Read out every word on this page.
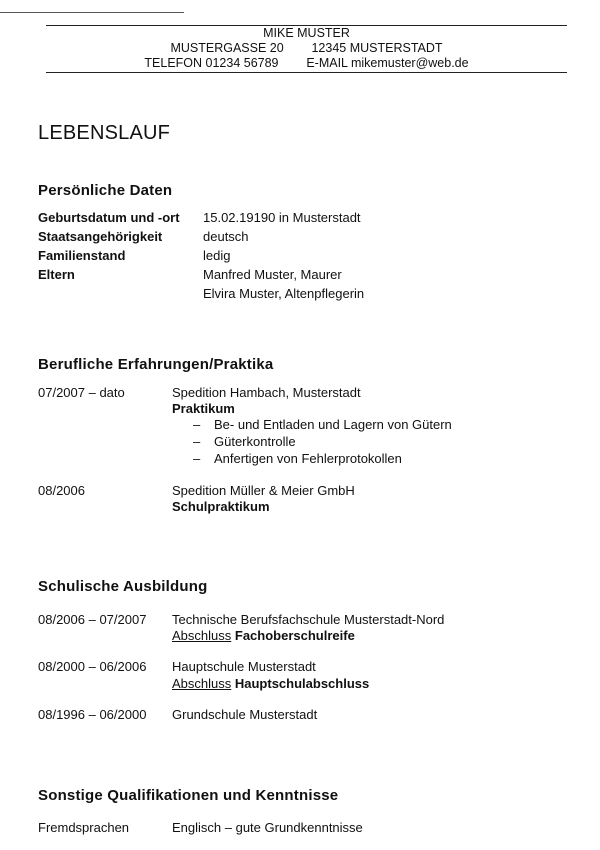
MIKE MUSTER
MUSTERGASSE 20 12345 MUSTERSTADT
TELEFON 01234 56789 E-MAIL mikemuster@web.de
LEBENSLAUF
Persönliche Daten
Geburtsdatum und -ort 15.02.19190 in Musterstadt
Staatsangehörigkeit	deutsch
Familienstand	ledig
Eltern	Manfred Muster, Maurer
Elvira Muster, Altenpflegerin
Berufliche Erfahrungen/Praktika
07/2007 – dato	Spedition Hambach, Musterstadt
Praktikum
– Be- und Entladen und Lagern von Gütern
– Güterkontrolle
– Anfertigen von Fehlerprotokollen
08/2006	Spedition Müller & Meier GmbH
Schulpraktikum
Schulische Ausbildung
08/2006 – 07/2007 Technische Berufsfachschule Musterstadt-Nord
Abschluss Fachoberschulreife
08/2000 – 06/2006 Hauptschule Musterstadt
Abschluss Hauptschulabschluss
08/1996 – 06/2000 Grundschule Musterstadt
Sonstige Qualifikationen und Kenntnisse
Fremdsprachen	Englisch – gute Grundkenntnisse
